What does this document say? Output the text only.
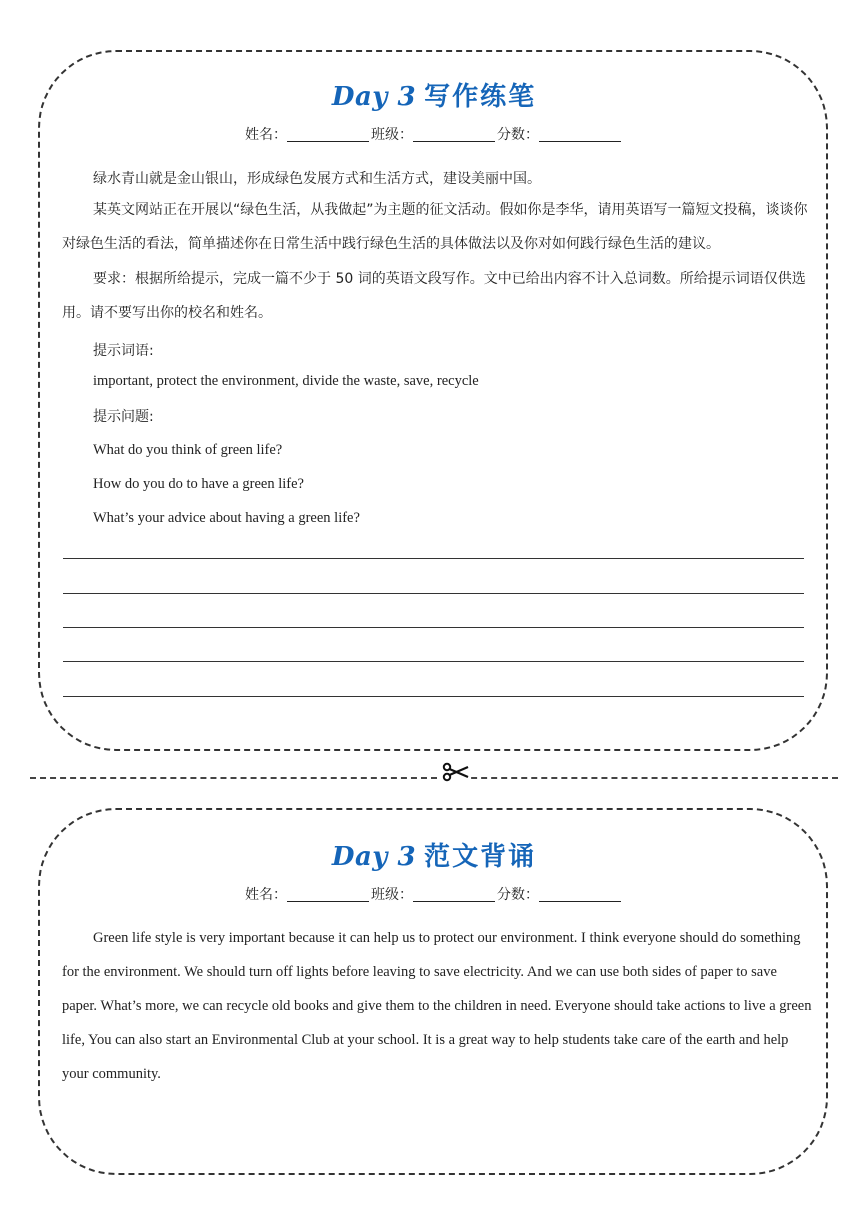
Day 3 写作练笔
姓名：	班级：	分数：
绿水青山就是金山银山，形成绿色发展方式和生活方式，建设美丽中国。

某英文网站正在开展以“绿色生活，从我做起”为主题的征文活动。假如你是李华，请用英语写一篇短文投稿，谈谈你对绿色生活的看法，简单描述你在日常生活中践行绿色生活的具体做法以及你对如何践行绿色生活的建议。

要求：根据所给提示，完成一篇不少于 50 词的英语文段写作。文中已给出内容不计入总词数。所给提示词语仅供选用。请不要写出你的校名和姓名。

提示词语:
important, protect the environment, divide the waste, save, recycle
提示问题:
What do you think of green life?
How do you do to have a green life?
What’s your advice about having a green life?
Day 3 范文背诵
姓名：	班级：	分数：

Green life style is very important because it can help us to protect our environment. I think everyone should do something for the environment. We should turn off lights before leaving to save electricity. And we can use both sides of paper to save paper. What’s more, we can recycle old books and give them to the children in need. Everyone should take actions to live a green life, You can also start an Environmental Club at your school. It is a great way to help students take care of the earth and help your community.
